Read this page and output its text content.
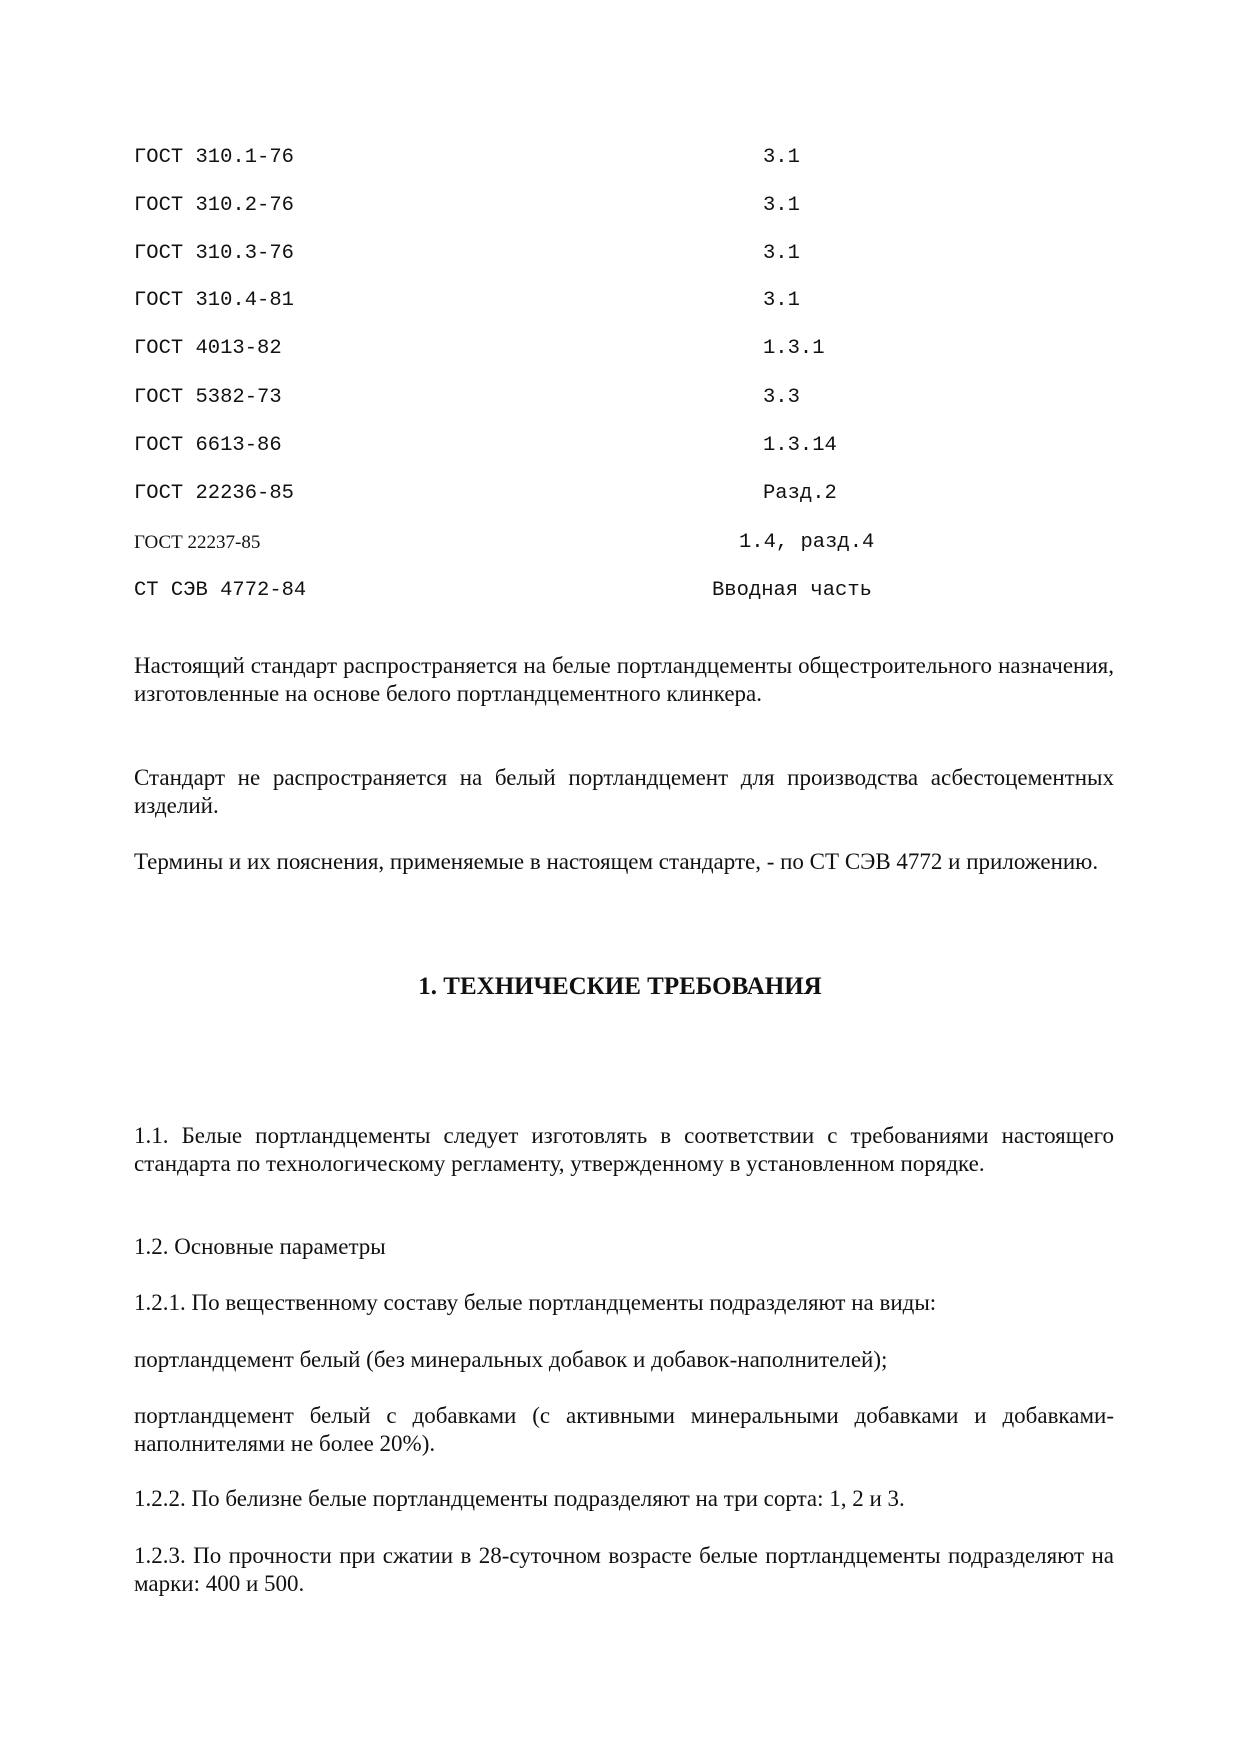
ГОСТ 310.1-76	3.1
ГОСТ 310.2-76	3.1
ГОСТ 310.3-76	3.1
ГОСТ 310.4-81	3.1
ГОСТ 4013-82	1.3.1
ГОСТ 5382-73	3.3
ГОСТ 6613-86	1.3.14
ГОСТ 22236-85	Разд.2
ГОСТ 22237-85	1.4, разд.4
СТ СЭВ 4772-84	Вводная часть

Настоящий стандарт распространяется на белые портландцементы общестроительного назначения, изготовленные на основе белого портландцементного клинкера.

Стандарт не распространяется на белый портландцемент для производства асбестоцементных изделий.

Термины и их пояснения, применяемые в настоящем стандарте, - по СТ СЭВ 4772 и приложению.

1. ТЕХНИЧЕСКИЕ ТРЕБОВАНИЯ

1.1. Белые портландцементы следует изготовлять в соответствии с требованиями настоящего стандарта по технологическому регламенту, утвержденному в установленном порядке.

1.2. Основные параметры

1.2.1. По вещественному составу белые портландцементы подразделяют на виды:

портландцемент белый (без минеральных добавок и добавок-наполнителей);

портландцемент белый с добавками (с активными минеральными добавками и добавками-наполнителями не более 20%).

1.2.2. По белизне белые портландцементы подразделяют на три сорта: 1, 2 и 3.

1.2.3. По прочности при сжатии в 28-суточном возрасте белые портландцементы подразделяют на марки: 400 и 500.
